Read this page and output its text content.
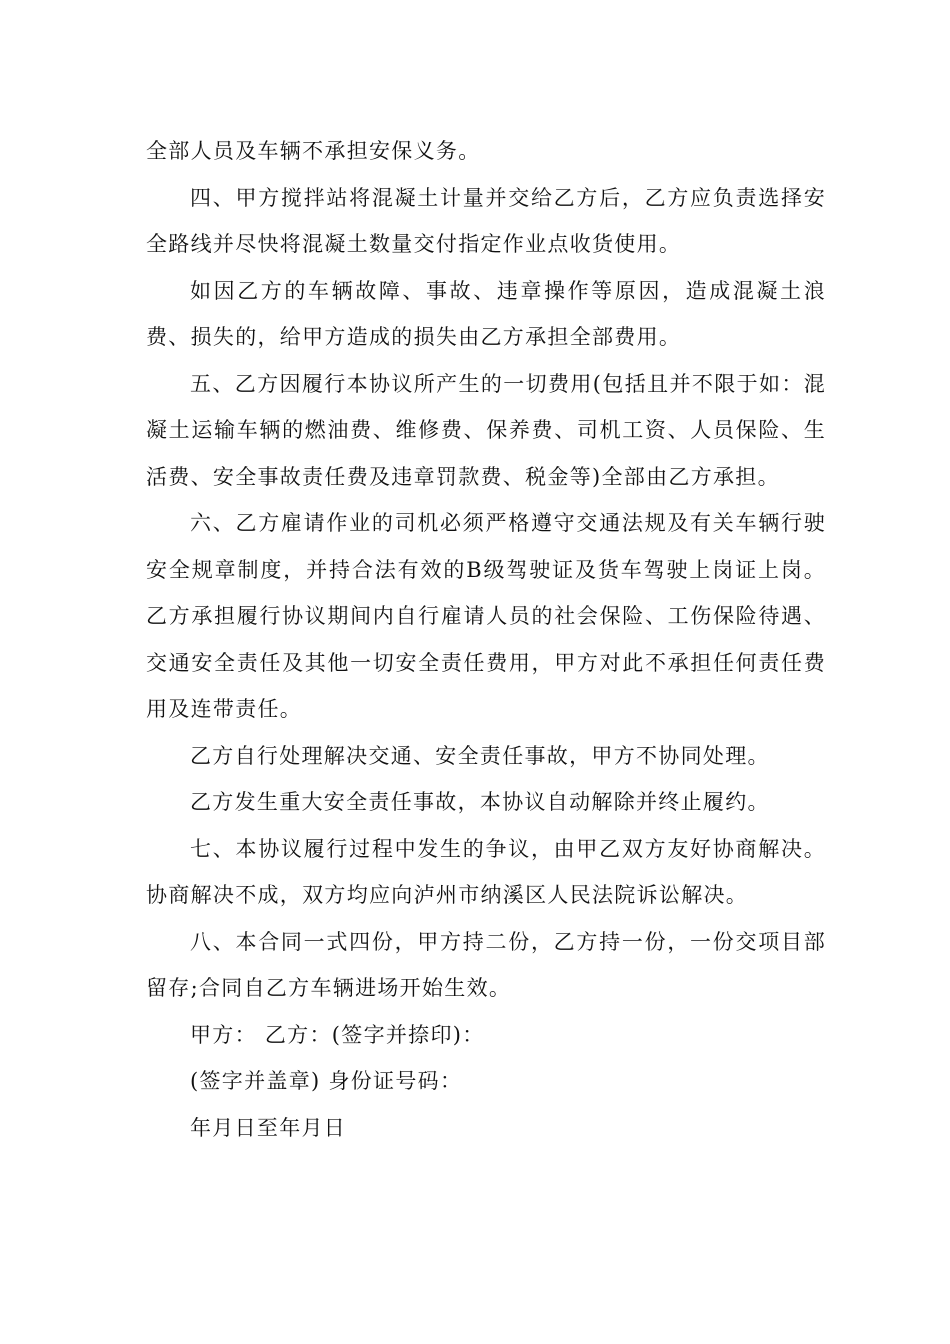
全部人员及车辆不承担安保义务。

四、甲方搅拌站将混凝土计量并交给乙方后，乙方应负责选择安全路线并尽快将混凝土数量交付指定作业点收货使用。

如因乙方的车辆故障、事故、违章操作等原因，造成混凝土浪费、损失的，给甲方造成的损失由乙方承担全部费用。

五、乙方因履行本协议所产生的一切费用(包括且并不限于如：混凝土运输车辆的燃油费、维修费、保养费、司机工资、人员保险、生活费、安全事故责任费及违章罚款费、税金等)全部由乙方承担。

六、乙方雇请作业的司机必须严格遵守交通法规及有关车辆行驶安全规章制度，并持合法有效的B级驾驶证及货车驾驶上岗证上岗。乙方承担履行协议期间内自行雇请人员的社会保险、工伤保险待遇、交通安全责任及其他一切安全责任费用，甲方对此不承担任何责任费用及连带责任。

乙方自行处理解决交通、安全责任事故，甲方不协同处理。

乙方发生重大安全责任事故，本协议自动解除并终止履约。

七、本协议履行过程中发生的争议，由甲乙双方友好协商解决。协商解决不成，双方均应向泸州市纳溪区人民法院诉讼解决。

八、本合同一式四份，甲方持二份，乙方持一份，一份交项目部留存;合同自乙方车辆进场开始生效。

甲方： 乙方：(签字并捺印)：

(签字并盖章) 身份证号码：

年月日至年月日
